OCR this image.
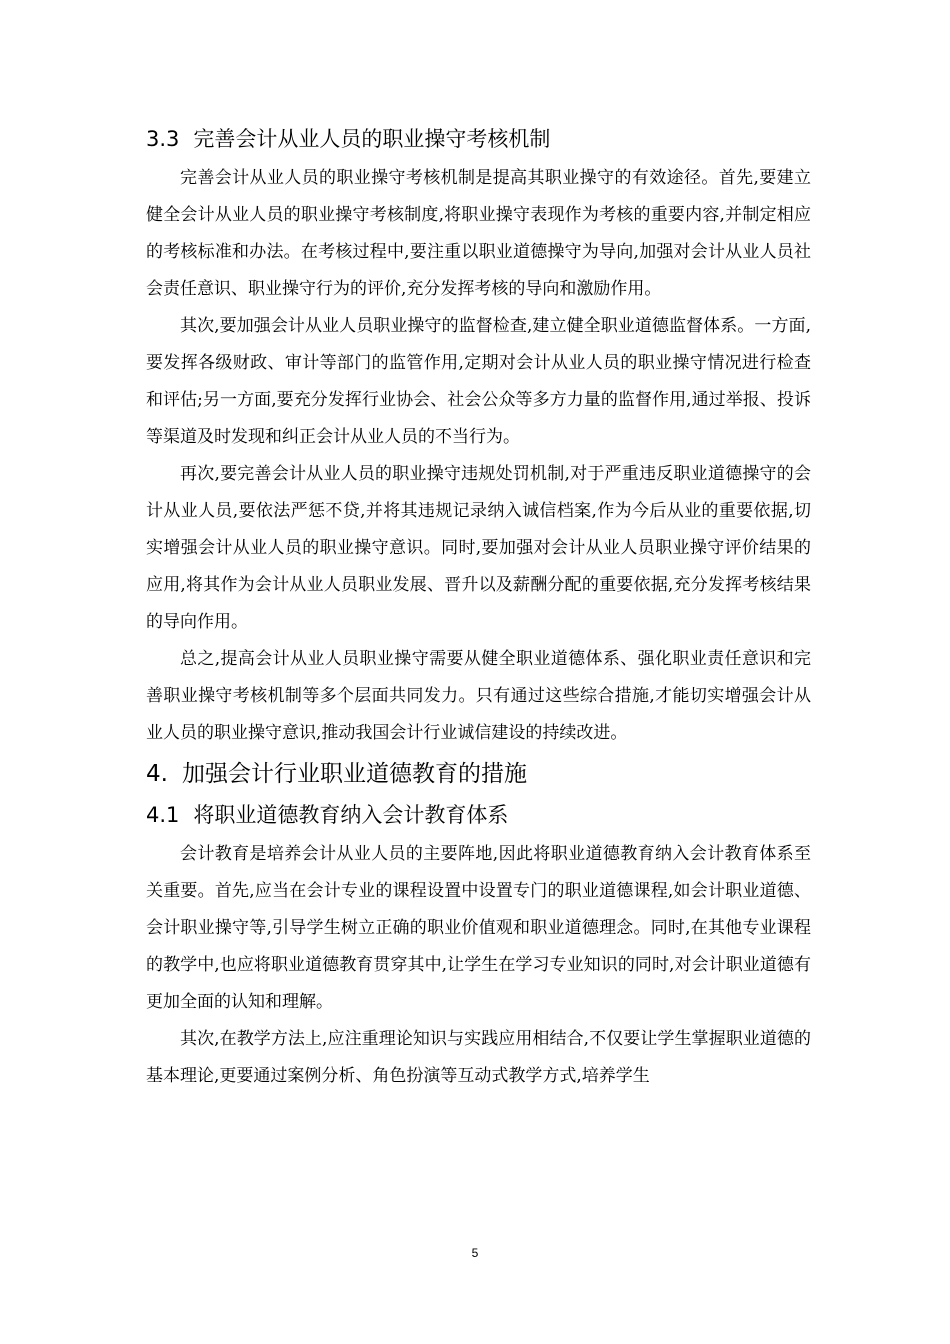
3.3 完善会计从业人员的职业操守考核机制

完善会计从业人员的职业操守考核机制是提高其职业操守的有效途径。首先,要建立健全会计从业人员的职业操守考核制度,将职业操守表现作为考核的重要内容,并制定相应的考核标准和办法。在考核过程中,要注重以职业道德操守为导向,加强对会计从业人员社会责任意识、职业操守行为的评价,充分发挥考核的导向和激励作用。

其次,要加强会计从业人员职业操守的监督检查,建立健全职业道德监督体系。一方面,要发挥各级财政、审计等部门的监管作用,定期对会计从业人员的职业操守情况进行检查和评估;另一方面,要充分发挥行业协会、社会公众等多方力量的监督作用,通过举报、投诉等渠道及时发现和纠正会计从业人员的不当行为。

再次,要完善会计从业人员的职业操守违规处罚机制,对于严重违反职业道德操守的会计从业人员,要依法严惩不贷,并将其违规记录纳入诚信档案,作为今后从业的重要依据,切实增强会计从业人员的职业操守意识。同时,要加强对会计从业人员职业操守评价结果的应用,将其作为会计从业人员职业发展、晋升以及薪酬分配的重要依据,充分发挥考核结果的导向作用。

总之,提高会计从业人员职业操守需要从健全职业道德体系、强化职业责任意识和完善职业操守考核机制等多个层面共同发力。只有通过这些综合措施,才能切实增强会计从业人员的职业操守意识,推动我国会计行业诚信建设的持续改进。

4. 加强会计行业职业道德教育的措施
4.1 将职业道德教育纳入会计教育体系

会计教育是培养会计从业人员的主要阵地,因此将职业道德教育纳入会计教育体系至关重要。首先,应当在会计专业的课程设置中设置专门的职业道德课程,如会计职业道德、会计职业操守等,引导学生树立正确的职业价值观和职业道德理念。同时,在其他专业课程的教学中,也应将职业道德教育贯穿其中,让学生在学习专业知识的同时,对会计职业道德有更加全面的认知和理解。

其次,在教学方法上,应注重理论知识与实践应用相结合,不仅要让学生掌握职业道德的基本理论,更要通过案例分析、角色扮演等互动式教学方式,培养学生

5
